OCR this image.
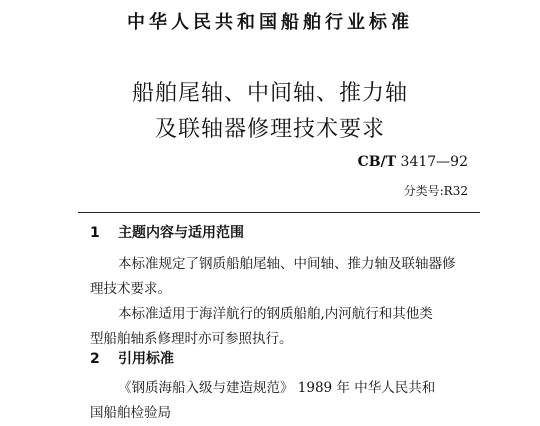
中华人民共和国船舶行业标准
船舶尾轴、中间轴、推力轴
及联轴器修理技术要求
CB/T 3417—92
分类号:R32
1 主题内容与适用范围
本标准规定了钢质船舶尾轴、中间轴、推力轴及联轴器修
理技术要求。
本标准适用于海洋航行的钢质船舶,内河航行和其他类
型船舶轴系修理时亦可参照执行。
2 引用标准
《钢质海船入级与建造规范》 1989 年 中华人民共和
国船舶检验局
